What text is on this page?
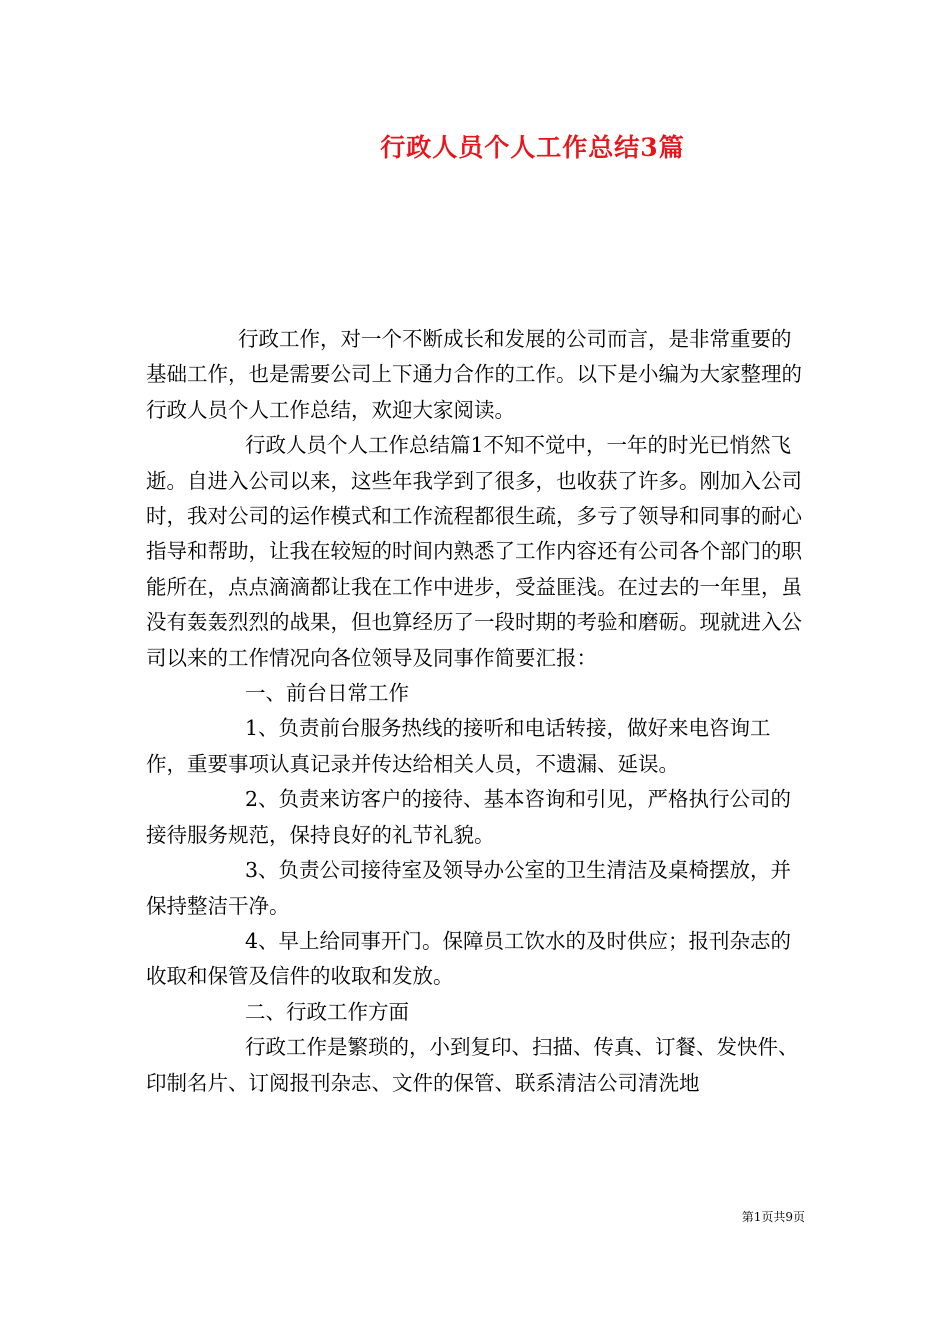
行政人员个人工作总结3篇

行政工作，对一个不断成长和发展的公司而言，是非常重要的基础工作，也是需要公司上下通力合作的工作。以下是小编为大家整理的行政人员个人工作总结，欢迎大家阅读。

行政人员个人工作总结篇1不知不觉中，一年的时光已悄然飞逝。自进入公司以来，这些年我学到了很多，也收获了许多。刚加入公司时，我对公司的运作模式和工作流程都很生疏，多亏了领导和同事的耐心指导和帮助，让我在较短的时间内熟悉了工作内容还有公司各个部门的职能所在，点点滴滴都让我在工作中进步，受益匪浅。在过去的一年里，虽没有轰轰烈烈的战果，但也算经历了一段时期的考验和磨砺。现就进入公司以来的工作情况向各位领导及同事作简要汇报：

一、前台日常工作

1、负责前台服务热线的接听和电话转接，做好来电咨询工作，重要事项认真记录并传达给相关人员，不遗漏、延误。

2、负责来访客户的接待、基本咨询和引见，严格执行公司的接待服务规范，保持良好的礼节礼貌。

3、负责公司接待室及领导办公室的卫生清洁及桌椅摆放，并保持整洁干净。

4、早上给同事开门。保障员工饮水的及时供应；报刊杂志的收取和保管及信件的收取和发放。

二、行政工作方面

行政工作是繁琐的，小到复印、扫描、传真、订餐、发快件、印制名片、订阅报刊杂志、文件的保管、联系清洁公司清洗地

第1页共9页
